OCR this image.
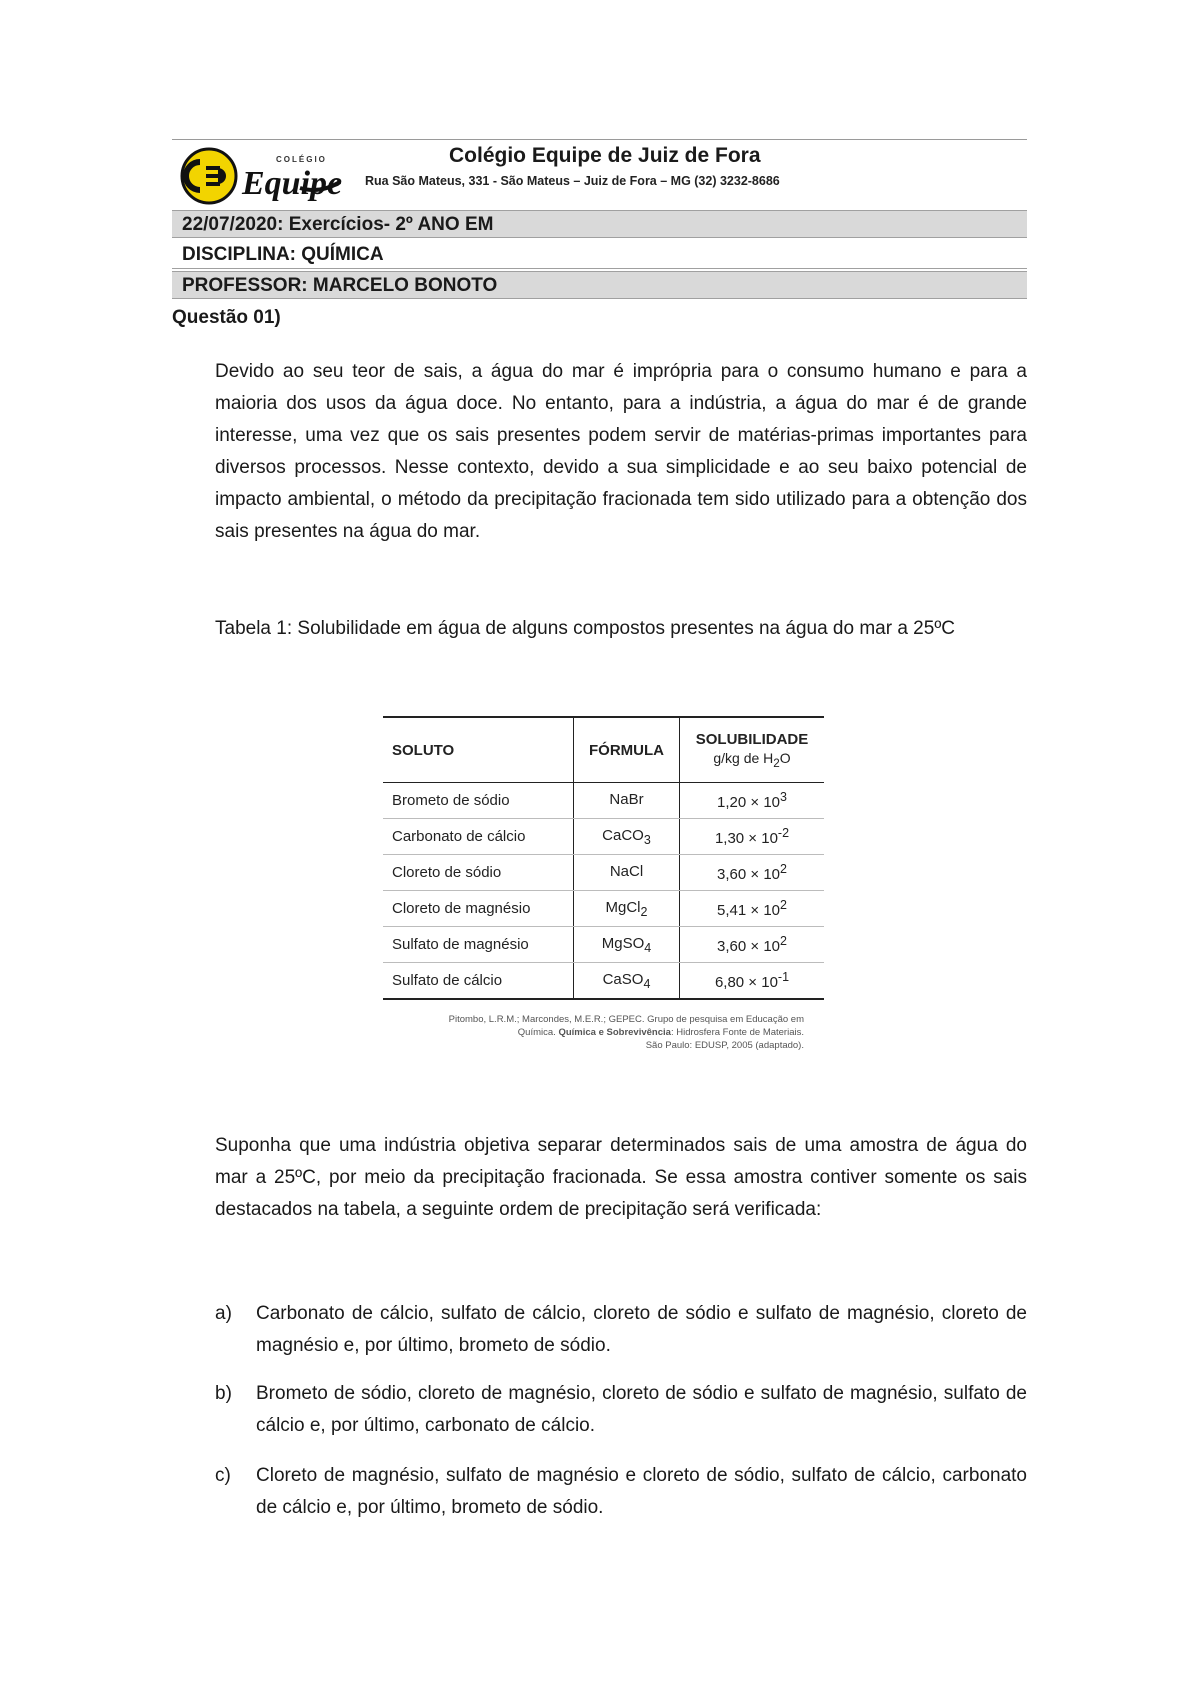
COLÉGIO
Equipe
Colégio Equipe de Juiz de Fora
Rua São Mateus, 331 - São Mateus – Juiz de Fora – MG (32) 3232-8686
22/07/2020: Exercícios- 2º ANO EM
DISCIPLINA: QUÍMICA
PROFESSOR: MARCELO BONOTO
Questão 01)
Devido ao seu teor de sais, a água do mar é imprópria para o consumo humano e para a maioria dos usos da água doce. No entanto, para a indústria, a água do mar é de grande interesse, uma vez que os sais presentes podem servir de matérias-primas importantes para diversos processos. Nesse contexto, devido a sua simplicidade e ao seu baixo potencial de impacto ambiental, o método da precipitação fracionada tem sido utilizado para a obtenção dos sais presentes na água do mar.
Tabela 1: Solubilidade em água de alguns compostos presentes na água do mar a 25ºC
SOLUTO	FÓRMULA	SOLUBILIDADE
g/kg de $H_2O$

Brometo de sódio	NaBr	$1,20 \times 10^3$
Carbonato de cálcio	CaCO$_3$	$1,30 \times 10^{-2}$
Cloreto de sódio	NaCl	$3,60 \times 10^2$
Cloreto de magnésio	MgCl$_2$	$5,41 \times 10^2$
Sulfato de magnésio	MgSO$_4$	$3,60 \times 10^2$
Sulfato de cálcio	CaSO$_4$	$6,80 \times 10^{-1}$
Pitombo, L.R.M.; Marcondes, M.E.R.; GEPEC. Grupo de pesquisa em Educação em
Química. Química e Sobrevivência: Hidrosfera Fonte de Materiais.
São Paulo: EDUSP, 2005 (adaptado).
Suponha que uma indústria objetiva separar determinados sais de uma amostra de água do mar a 25ºC, por meio da precipitação fracionada. Se essa amostra contiver somente os sais destacados na tabela, a seguinte ordem de precipitação será verificada:
a) Carbonato de cálcio, sulfato de cálcio, cloreto de sódio e sulfato de magnésio, cloreto de magnésio e, por último, brometo de sódio.
b) Brometo de sódio, cloreto de magnésio, cloreto de sódio e sulfato de magnésio, sulfato de cálcio e, por último, carbonato de cálcio.
c) Cloreto de magnésio, sulfato de magnésio e cloreto de sódio, sulfato de cálcio, carbonato de cálcio e, por último, brometo de sódio.
